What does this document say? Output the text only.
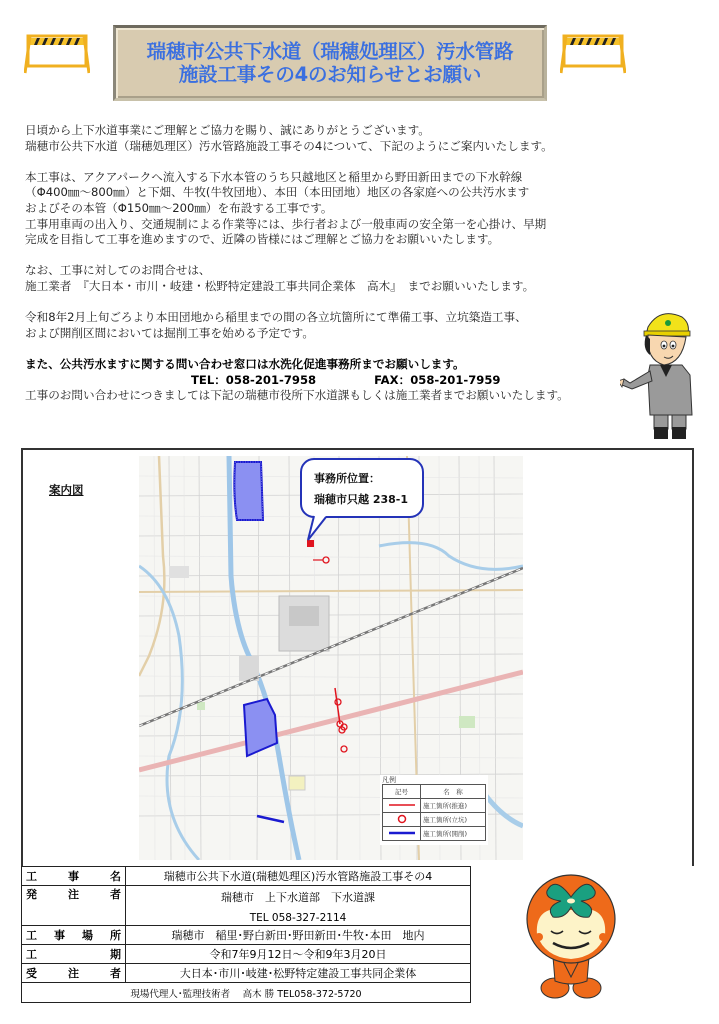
瑞穂市公共下水道（瑞穂処理区）汚水管路
施設工事その4のお知らせとお願い

日頃から上下水道事業にご理解とご協力を賜り、誠にありがとうございます。

瑞穂市公共下水道（瑞穂処理区）汚水管路施設工事その4について、下記のようにご案内いたします。

本工事は、アクアパークへ流入する下水本管のうち只越地区と稲里から野田新田までの下水幹線

（Φ400㎜～800㎜）と下畑、牛牧(牛牧団地）、本田（本田団地）地区の各家庭への公共汚水ます

およびその本管（Φ150㎜～200㎜）を布設する工事です。

工事用車両の出入り、交通規制による作業等には、歩行者および一般車両の安全第一を心掛け、早期

完成を目指して工事を進めますので、近隣の皆様にはご理解とご協力をお願いいたします。

なお、工事に対してのお問合せは、

施工業者　『大日本・市川・岐建・松野特定建設工事共同企業体　高木』　までお願いいたします。

令和8年2月上旬ごろより本田団地から稲里までの間の各立坑箇所にて準備工事、立坑築造工事、

および開削区間においては掘削工事を始める予定です。

また、公共汚水ますに関する問い合わせ窓口は水洗化促進事務所までお願いします。

TEL：058-201-7958　　　　　	FAX：058-201-7959

工事のお問い合わせにつきましては下記の瑞穂市役所下水道課もしくは施工業者までお願いいたします。

案内図
凡例
記号	名　称
	施工箇所(推進)
	施工箇所(立坑)
	施工箇所(開削)
事務所位置：
瑞穂市只越 238-1
工 事 名	瑞穂市公共下水道(瑞穂処理区)汚水管路施設工事その4

発 注 者	瑞穂市　上下水道部　下水道課
TEL 058-327-2114

工 事 場 所	瑞穂市　稲里･野白新田･野田新田･牛牧･本田　地内

工 期	令和7年9月12日～令和9年3月20日

受 注 者	大日本･市川･岐建･松野特定建設工事共同企業体
現場代理人･監理技術者　 高木 勝 TEL058-372-5720	
